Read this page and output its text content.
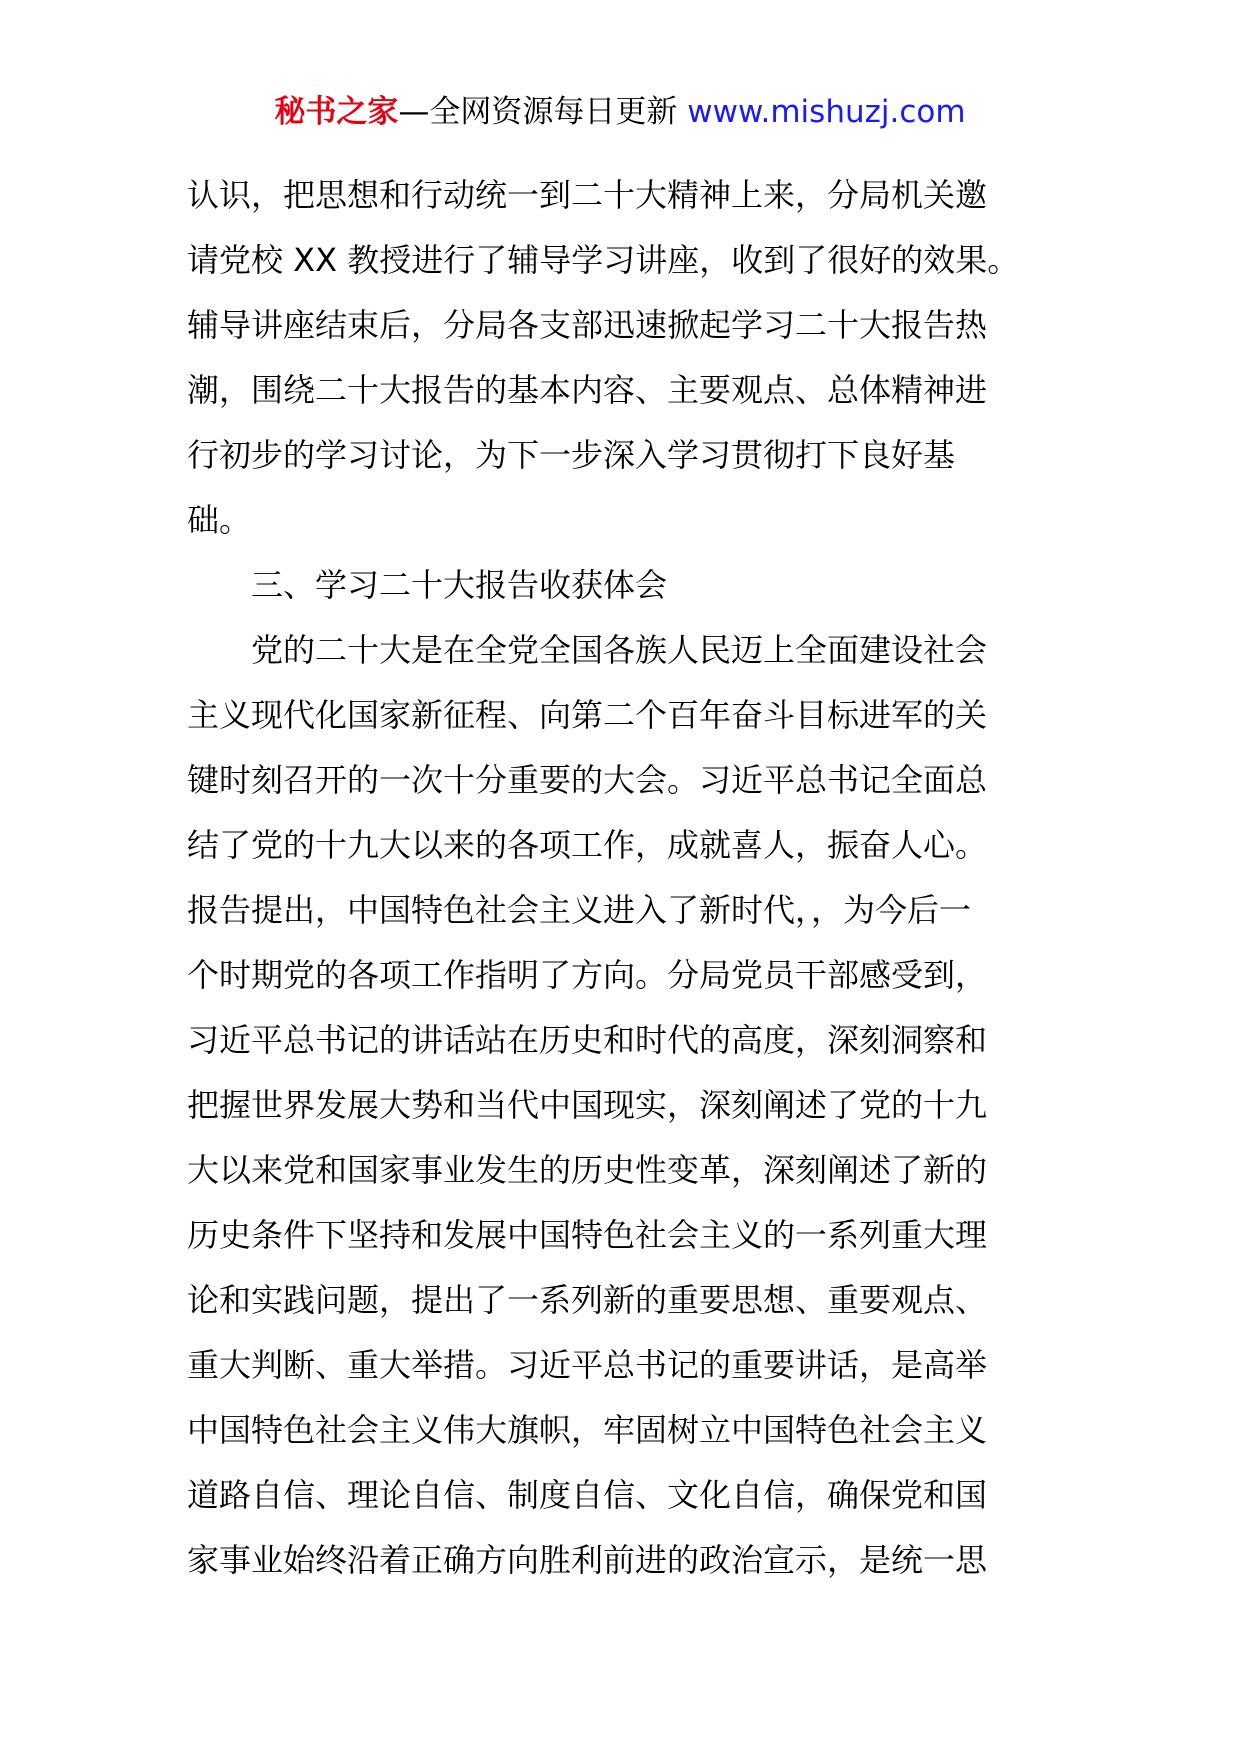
秘书之家—全网资源每日更新 www.mishuzj.com
认识，把思想和行动统一到二十大精神上来，分局机关邀
请党校 XX 教授进行了辅导学习讲座，收到了很好的效果。
辅导讲座结束后，分局各支部迅速掀起学习二十大报告热
潮，围绕二十大报告的基本内容、主要观点、总体精神进
行初步的学习讨论，为下一步深入学习贯彻打下良好基
础。
三、学习二十大报告收获体会
党的二十大是在全党全国各族人民迈上全面建设社会
主义现代化国家新征程、向第二个百年奋斗目标进军的关
键时刻召开的一次十分重要的大会。习近平总书记全面总
结了党的十九大以来的各项工作，成就喜人，振奋人心。
报告提出，中国特色社会主义进入了新时代，，为今后一
个时期党的各项工作指明了方向。分局党员干部感受到，
习近平总书记的讲话站在历史和时代的高度，深刻洞察和
把握世界发展大势和当代中国现实，深刻阐述了党的十九
大以来党和国家事业发生的历史性变革，深刻阐述了新的
历史条件下坚持和发展中国特色社会主义的一系列重大理
论和实践问题，提出了一系列新的重要思想、重要观点、
重大判断、重大举措。习近平总书记的重要讲话，是高举
中国特色社会主义伟大旗帜，牢固树立中国特色社会主义
道路自信、理论自信、制度自信、文化自信，确保党和国
家事业始终沿着正确方向胜利前进的政治宣示，是统一思
